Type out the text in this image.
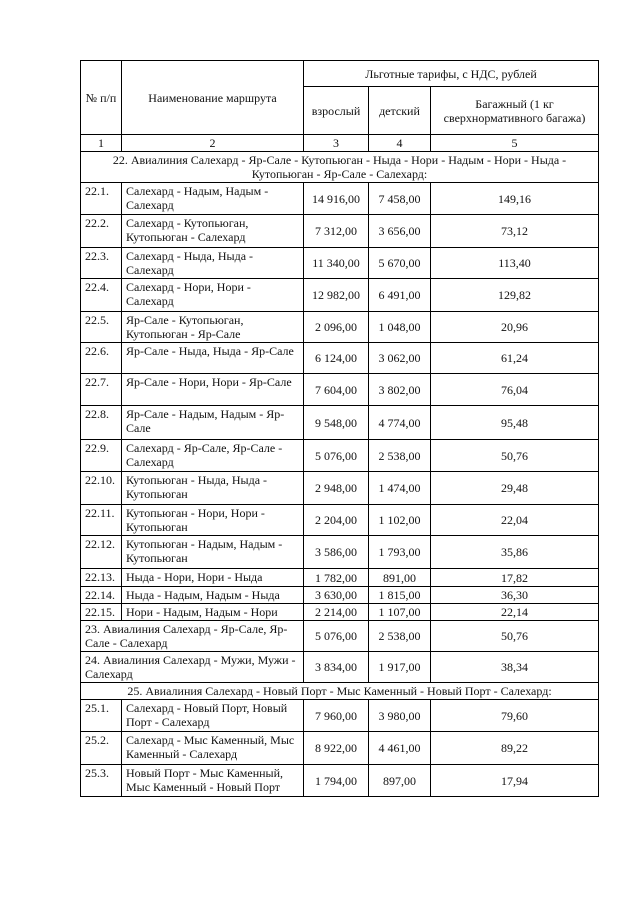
№ п/п	Наименование маршрута	Льготные тарифы, с НДС, рублей		
		взрослый	детский	Багажный (1 кг сверхнормативного багажа)
1	2	3	4	5
22. Авиалиния Салехард - Яр-Сале - Кутопьюган - Ныда - Нори - Надым - Нори - Ныда - Кутопьюган - Яр-Сале - Салехард:				
22.1.	Салехард - Надым, Надым - Салехард	14 916,00	7 458,00	149,16
22.2.	Салехард - Кутопьюган, Кутопьюган - Салехард	7 312,00	3 656,00	73,12
22.3.	Салехард - Ныда, Ныда - Салехард	11 340,00	5 670,00	113,40
22.4.	Салехард - Нори, Нори - Салехард	12 982,00	6 491,00	129,82
22.5.	Яр-Сале - Кутопьюган, Кутопьюган - Яр-Сале	2 096,00	1 048,00	20,96
22.6.	Яр-Сале - Ныда, Ныда - Яр-Сале	6 124,00	3 062,00	61,24
22.7.	Яр-Сале - Нори, Нори - Яр-Сале	7 604,00	3 802,00	76,04
22.8.	Яр-Сале - Надым, Надым - Яр-Сале	9 548,00	4 774,00	95,48
22.9.	Салехард - Яр-Сале, Яр-Сале - Салехард	5 076,00	2 538,00	50,76
22.10.	Кутопьюган - Ныда, Ныда - Кутопьюган	2 948,00	1 474,00	29,48
22.11.	Кутопьюган - Нори, Нори - Кутопьюган	2 204,00	1 102,00	22,04
22.12.	Кутопьюган - Надым, Надым - Кутопьюган	3 586,00	1 793,00	35,86
22.13.	Ныда - Нори, Нори - Ныда	1 782,00	891,00	17,82
22.14.	Ныда - Надым, Надым - Ныда	3 630,00	1 815,00	36,30
22.15.	Нори - Надым, Надым - Нори	2 214,00	1 107,00	22,14
23. Авиалиния Салехард - Яр-Сале, Яр-Сале - Салехард		5 076,00	2 538,00	50,76
24. Авиалиния Салехард - Мужи, Мужи - Салехард		3 834,00	1 917,00	38,34
25. Авиалиния Салехард - Новый Порт - Мыс Каменный - Новый Порт - Салехард:				
25.1.	Салехард - Новый Порт, Новый Порт - Салехард	7 960,00	3 980,00	79,60
25.2.	Салехард - Мыс Каменный, Мыс Каменный - Салехард	8 922,00	4 461,00	89,22
25.3.	Новый Порт - Мыс Каменный, Мыс Каменный - Новый Порт	1 794,00	897,00	17,94
